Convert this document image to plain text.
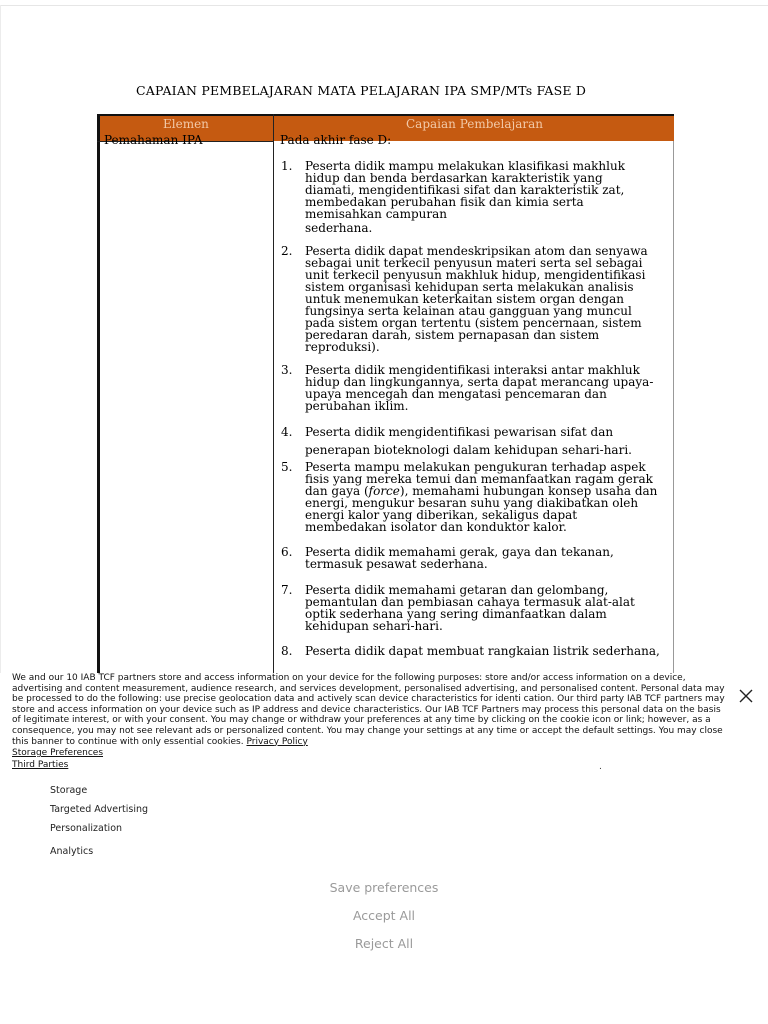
CAPAIAN PEMBELAJARAN MATA PELAJARAN IPA SMP/MTs FASE D
Elemen	Capaian Pembelajaran
Pemahaman IPA	Pada akhir fase D:
1.	Peserta didik mampu melakukan klasifikasi makhluk
hidup dan benda berdasarkan karakteristik yang
diamati, mengidentifikasi sifat dan karakteristik zat,
membedakan perubahan fisik dan kimia serta
memisahkan campuran
sederhana.
2.	Peserta didik dapat mendeskripsikan atom dan senyawa
sebagai unit terkecil penyusun materi serta sel sebagai
unit terkecil penyusun makhluk hidup, mengidentifikasi
sistem organisasi kehidupan serta melakukan analisis
untuk menemukan keterkaitan sistem organ dengan
fungsinya serta kelainan atau gangguan yang muncul
pada sistem organ tertentu (sistem pencernaan, sistem
peredaran darah, sistem pernapasan dan sistem
reproduksi).
3.	Peserta didik mengidentifikasi interaksi antar makhluk
hidup dan lingkungannya, serta dapat merancang upaya-
upaya mencegah dan mengatasi pencemaran dan
perubahan iklim.
4.	Peserta didik mengidentifikasi pewarisan sifat dan
penerapan bioteknologi dalam kehidupan sehari-hari.
5.	Peserta mampu melakukan pengukuran terhadap aspek
fisis yang mereka temui dan memanfaatkan ragam gerak
dan gaya (force), memahami hubungan konsep usaha dan
energi, mengukur besaran suhu yang diakibatkan oleh
energi kalor yang diberikan, sekaligus dapat
membedakan isolator dan konduktor kalor.
6.	Peserta didik memahami gerak, gaya dan tekanan,
termasuk pesawat sederhana.
7.	Peserta didik memahami getaran dan gelombang,
pemantulan dan pembiasan cahaya termasuk alat-alat
optik sederhana yang sering dimanfaatkan dalam
kehidupan sehari-hari.
8.	Peserta didik dapat membuat rangkaian listrik sederhana,
We and our 10 IAB TCF partners store and access information on your device for the following purposes: store and/or access information on a device, advertising and content measurement, audience research, and services development, personalised advertising, and personalised content. Personal data may be processed to do the following: use precise geolocation data and actively scan device characteristics for identi cation. Our third party IAB TCF partners may store and access information on your device such as IP address and device characteristics. Our IAB TCF Partners may process this personal data on the basis of legitimate interest, or with your consent. You may change or withdraw your preferences at any time by clicking on the cookie icon or link; however, as a consequence, you may not see relevant ads or personalized content. You may change your settings at any time or accept the default settings. You may close this banner to continue with only essential cookies. Privacy Policy
Storage Preferences
Third Parties	.
Storage
Targeted Advertising
Personalization
Analytics
Save preferences
Accept All
Reject All
